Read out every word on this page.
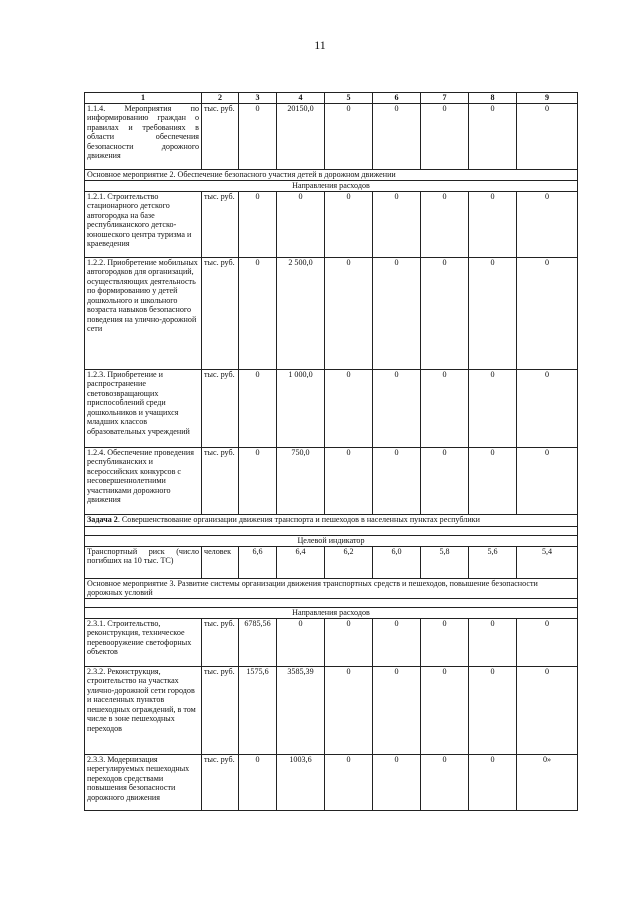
11
1	2	3	4	5	6	7	8	9
1.1.4. Мероприятия по информированию граждан о правилах и требованиях в области обеспечения безопасности дорожного движения	тыс. руб.	0	20150,0	0	0	0	0	0
Основное мероприятие 2. Обеспечение безопасного участия детей в дорожном движении								
Направления расходов								
1.2.1. Строительство стационарного детского автогородка на базе республиканского детско-юношеского центра туризма и краеведения	тыс. руб.	0	0	0	0	0	0	0
1.2.2. Приобретение мобильных автогородков для организаций, осуществляющих деятельность по формированию у детей дошкольного и школьного возраста навыков безопасного поведения на улично-дорожной сети	тыс. руб.	0	2 500,0	0	0	0	0	0
1.2.3. Приобретение и распространение световозвращающих приспособлений среди дошкольников и учащихся младших классов образовательных учреждений	тыс. руб.	0	1 000,0	0	0	0	0	0
1.2.4. Обеспечение проведения республиканских и всероссийских конкурсов с несовершеннолетними участниками дорожного движения	тыс. руб.	0	750,0	0	0	0	0	0
Задача 2. Совершенствование организации движения транспорта и пешеходов в населенных пунктах республики								

Целевой индикатор								
Транспортный риск (число погибших на 10 тыс. ТС)	человек	6,6	6,4	6,2	6,0	5,8	5,6	5,4
Основное мероприятие 3. Развитие системы организации движения транспортных средств и пешеходов, повышение безопасности дорожных условий								

Направления расходов								
2.3.1. Строительство, реконструкция, техническое перевооружение светофорных объектов	тыс. руб.	6785,56	0	0	0	0	0	0
2.3.2. Реконструкция, строительство на участках улично-дорожной сети городов и населенных пунктов пешеходных ограждений, в том числе в зоне пешеходных переходов	тыс. руб.	1575,6	3585,39	0	0	0	0	0
2.3.3. Модернизация нерегулируемых пешеходных переходов средствами повышения безопасности дорожного движения	тыс. руб.	0	1003,6	0	0	0	0	0»
